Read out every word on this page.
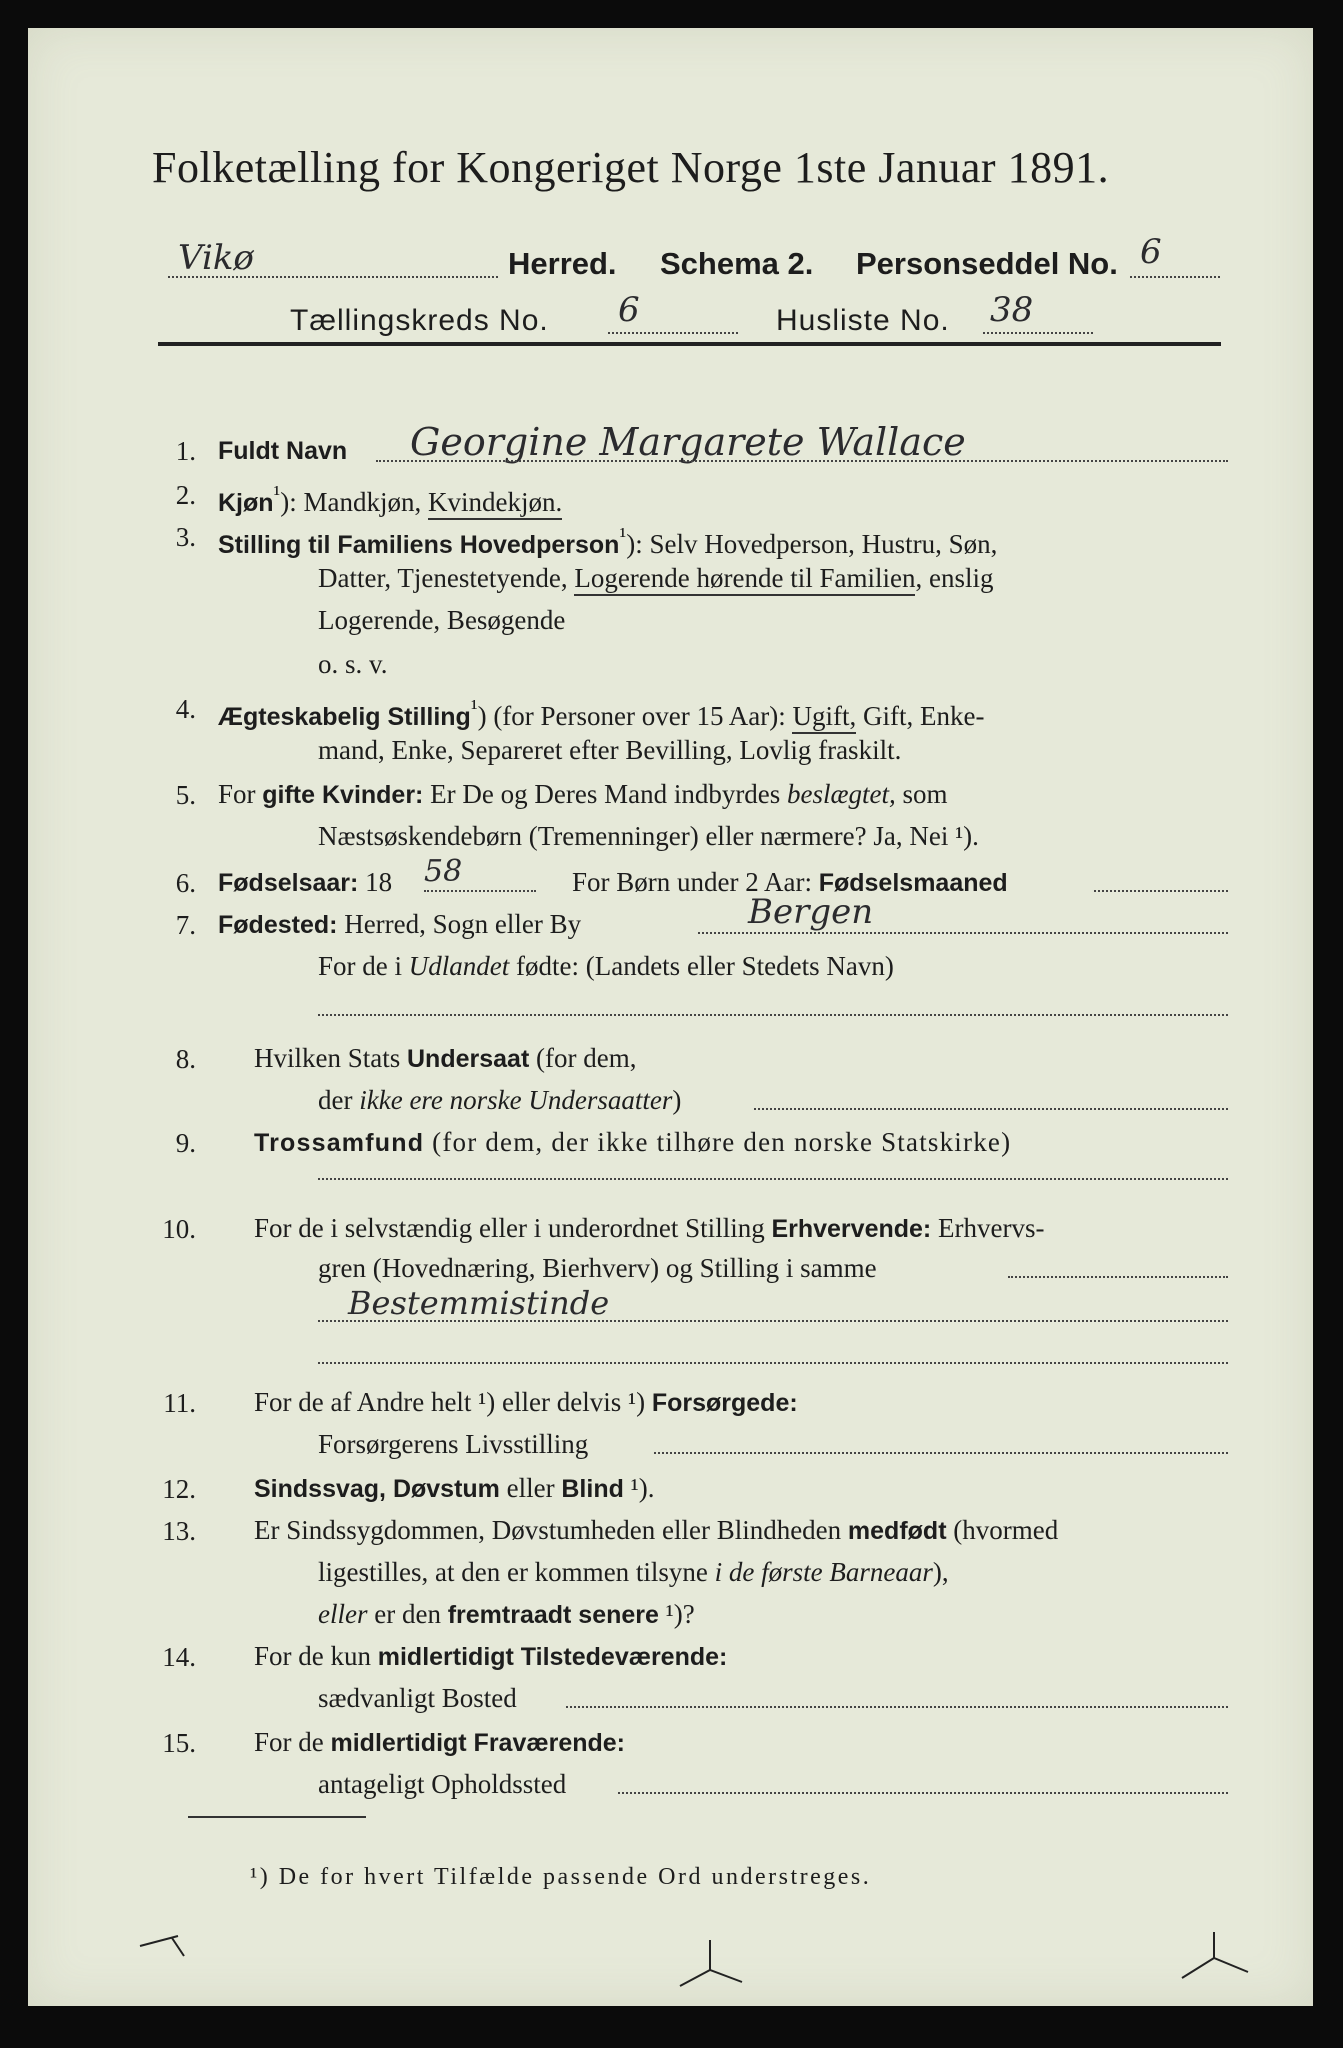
Folketælling for Kongeriget Norge 1ste Januar 1891.
Vikø	Herred. Schema 2. Personseddel No. 6
Tællingskreds No. 6	Husliste No. 38
1. Fuldt Navn Georgine Margarete Wallace
2. Kjøn$^{^1}$): Mandkjøn, Kvindekjøn.
3. Stilling til Familiens Hovedperson$^{^1}$): Selv Hovedperson, Hustru, Søn,
Datter, Tjenestetyende, Logerende hørende til Familien, enslig
Logerende, Besøgende
o. s. v.
4. Ægteskabelig Stilling$^{^1}$) (for Personer over 15 Aar): Ugift, Gift, Enke-
mand, Enke, Separeret efter Bevilling, Lovlig fraskilt.
5. For gifte Kvinder: Er De og Deres Mand indbyrdes beslægtet, som
Næstsøskendebørn (Tremenninger) eller nærmere? Ja, Nei ¹).
6. Fødselsaar: 18 58	For Børn under 2 Aar: Fødselsmaaned
7. Fødested: Herred, Sogn eller By	Bergen
For de i Udlandet fødte: (Landets eller Stedets Navn)
8. Hvilken Stats Undersaat (for dem,
der ikke ere norske Undersaatter)
9. Trossamfund (for dem, der ikke tilhøre den norske Statskirke)
10. For de i selvstændig eller i underordnet Stilling Erhvervende: Erhvervs-
gren (Hovednæring, Bierhverv) og Stilling i samme
Bestemmistinde
11. For de af Andre helt ¹) eller delvis ¹) Forsørgede:
Forsørgerens Livsstilling
12. Sindssvag, Døvstum eller Blind ¹).
13. Er Sindssygdommen, Døvstumheden eller Blindheden medfødt (hvormed
ligestilles, at den er kommen tilsyne i de første Barneaar),
eller er den fremtraadt senere ¹)?
14. For de kun midlertidigt Tilstedeværende:
sædvanligt Bosted
15. For de midlertidigt Fraværende:
antageligt Opholdssted
¹) De for hvert Tilfælde passende Ord understreges.
